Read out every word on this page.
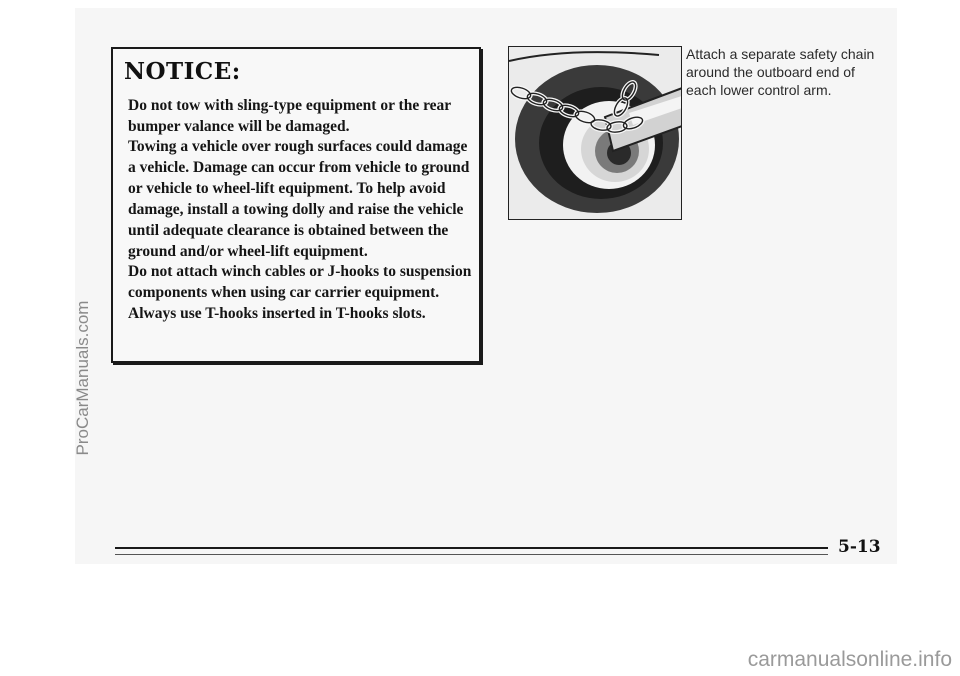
NOTICE:

Do not tow with sling-type equipment or the rear bumper valance will be damaged.

Towing a vehicle over rough surfaces could damage a vehicle. Damage can occur from vehicle to ground or vehicle to wheel-lift equipment. To help avoid damage, install a towing dolly and raise the vehicle until adequate clearance is obtained between the ground and/or wheel-lift equipment.

Do not attach winch cables or J-hooks to suspension components when using car carrier equipment. Always use T-hooks inserted in T-hooks slots.

Attach a separate safety chain around the outboard end of each lower control arm.

5-13

ProCarManuals.com

carmanualsonline.info
